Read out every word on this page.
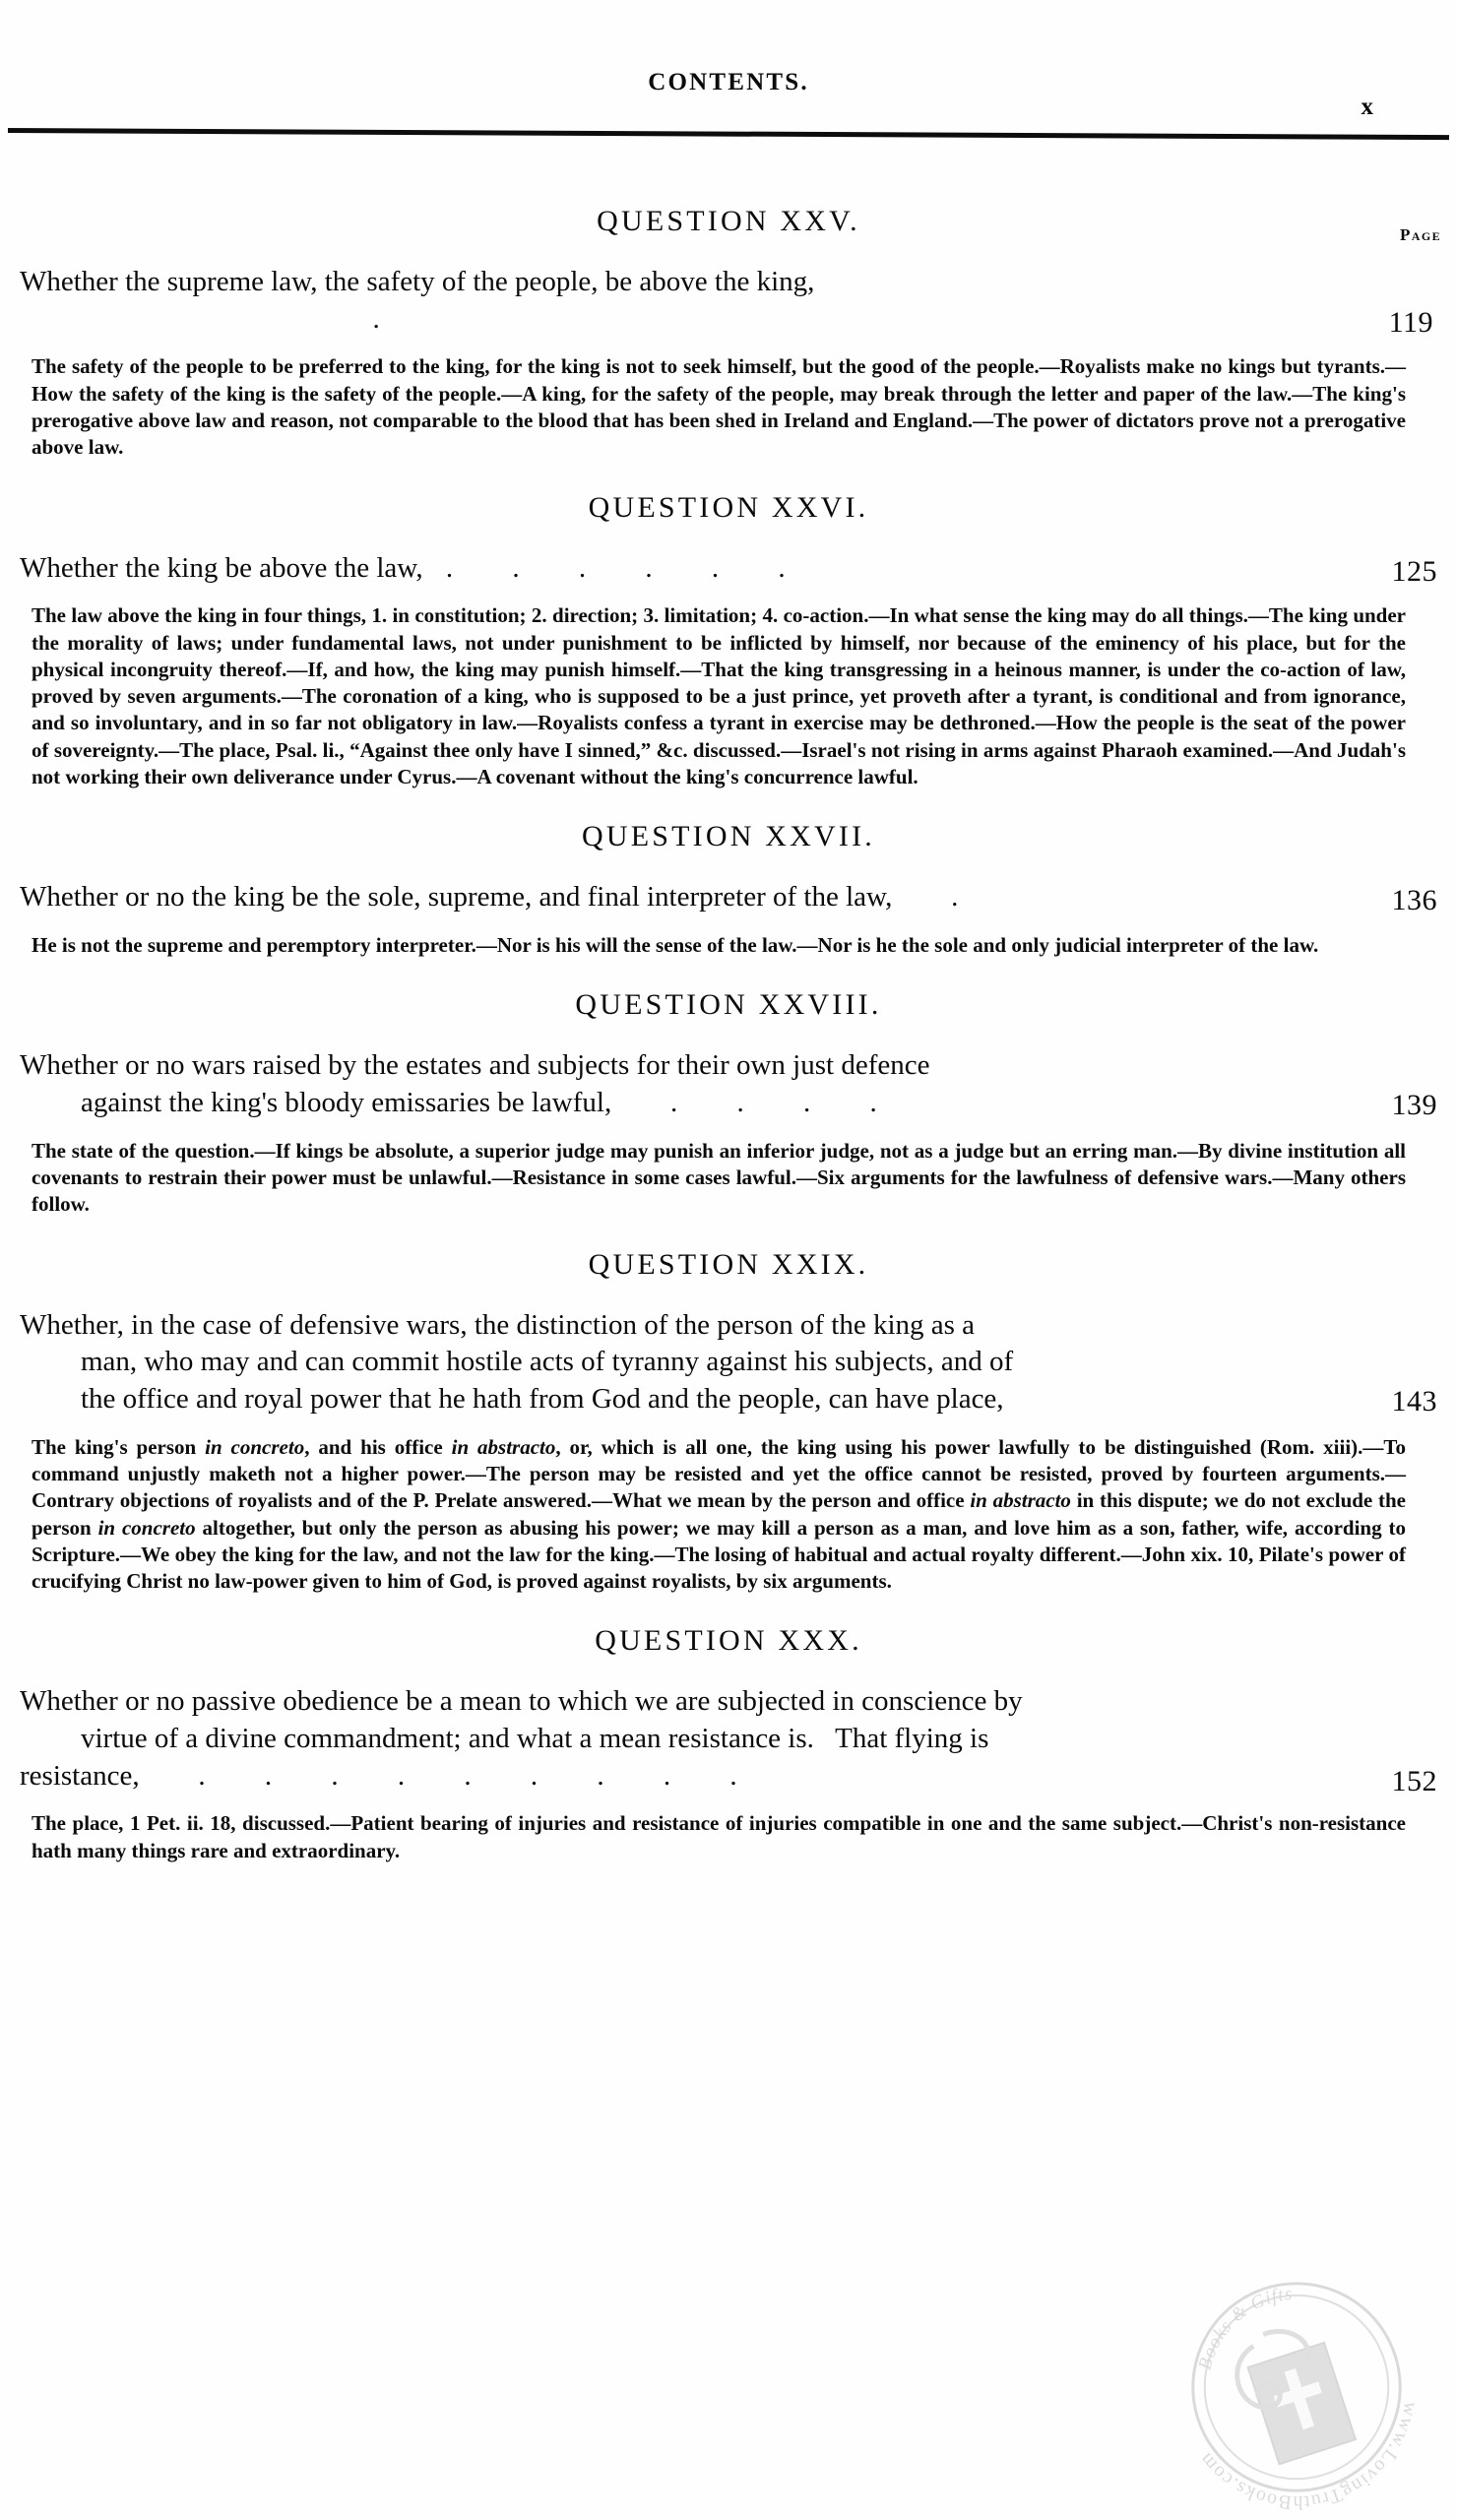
CONTENTS.
x
QUESTION XXV.	Page
Whether the supreme law, the safety of the people, be above the king,
.	119
The safety of the people to be preferred to the king, for the king is not to seek himself, but the good of the people.—Royalists make no kings but tyrants.—How the safety of the king is the safety of the people.—A king, for the safety of the people, may break through the letter and paper of the law.—The king's prerogative above law and reason, not comparable to the blood that has been shed in Ireland and England.—The power of dictators prove not a prerogative above law.
QUESTION XXVI.
Whether the king be above the law,   . . . . . .	125
The law above the king in four things, 1. in constitution; 2. direction; 3. limitation; 4. co-action.—In what sense the king may do all things.—The king under the morality of laws; under fundamental laws, not under punishment to be inflicted by himself, nor because of the eminency of his place, but for the physical incongruity thereof.—If, and how, the king may punish himself.—That the king transgressing in a heinous manner, is under the co-action of law, proved by seven arguments.—The coronation of a king, who is supposed to be a just prince, yet proveth after a tyrant, is conditional and from ignorance, and so involuntary, and in so far not obligatory in law.—Royalists confess a tyrant in exercise may be dethroned.—How the people is the seat of the power of sovereignty.—The place, Psal. li., “Against thee only have I sinned,” &c. discussed.—Israel's not rising in arms against Pharaoh examined.—And Judah's not working their own deliverance under Cyrus.—A covenant without the king's concurrence lawful.
QUESTION XXVII.
Whether or no the king be the sole, supreme, and final interpreter of the law, .	136
He is not the supreme and peremptory interpreter.—Nor is his will the sense of the law.—Nor is he the sole and only judicial interpreter of the law.
QUESTION XXVIII.
Whether or no wars raised by the estates and subjects for their own just defence
against the king's bloody emissaries be lawful, . . . .	139
The state of the question.—If kings be absolute, a superior judge may punish an inferior judge, not as a judge but an erring man.—By divine institution all covenants to restrain their power must be unlawful.—Resistance in some cases lawful.—Six arguments for the lawfulness of defensive wars.—Many others follow.
QUESTION XXIX.
Whether, in the case of defensive wars, the distinction of the person of the king as a
man, who may and can commit hostile acts of tyranny against his subjects, and of
the office and royal power that he hath from God and the people, can have place,	143
The king's person in concreto, and his office in abstracto, or, which is all one, the king using his power lawfully to be distinguished (Rom. xiii).—To command unjustly maketh not a higher power.—The person may be resisted and yet the office cannot be resisted, proved by fourteen arguments.—Contrary objections of royalists and of the P. Prelate answered.—What we mean by the person and office in abstracto in this dispute; we do not exclude the person in concreto altogether, but only the person as abusing his power; we may kill a person as a man, and love him as a son, father, wife, according to Scripture.—We obey the king for the law, and not the law for the king.—The losing of habitual and actual royalty different.—John xix. 10, Pilate's power of crucifying Christ no law-power given to him of God, is proved against royalists, by six arguments.
QUESTION XXX.
Whether or no passive obedience be a mean to which we are subjected in conscience by
virtue of a divine commandment; and what a mean resistance is.   That flying is
resistance, . . . . . . . . .	152
The place, 1 Pet. ii. 18, discussed.—Patient bearing of injuries and resistance of injuries compatible in one and the same subject.—Christ's non-resistance hath many things rare and extraordinary.
Books & Gifts
www.LovingTruthBooks.com
